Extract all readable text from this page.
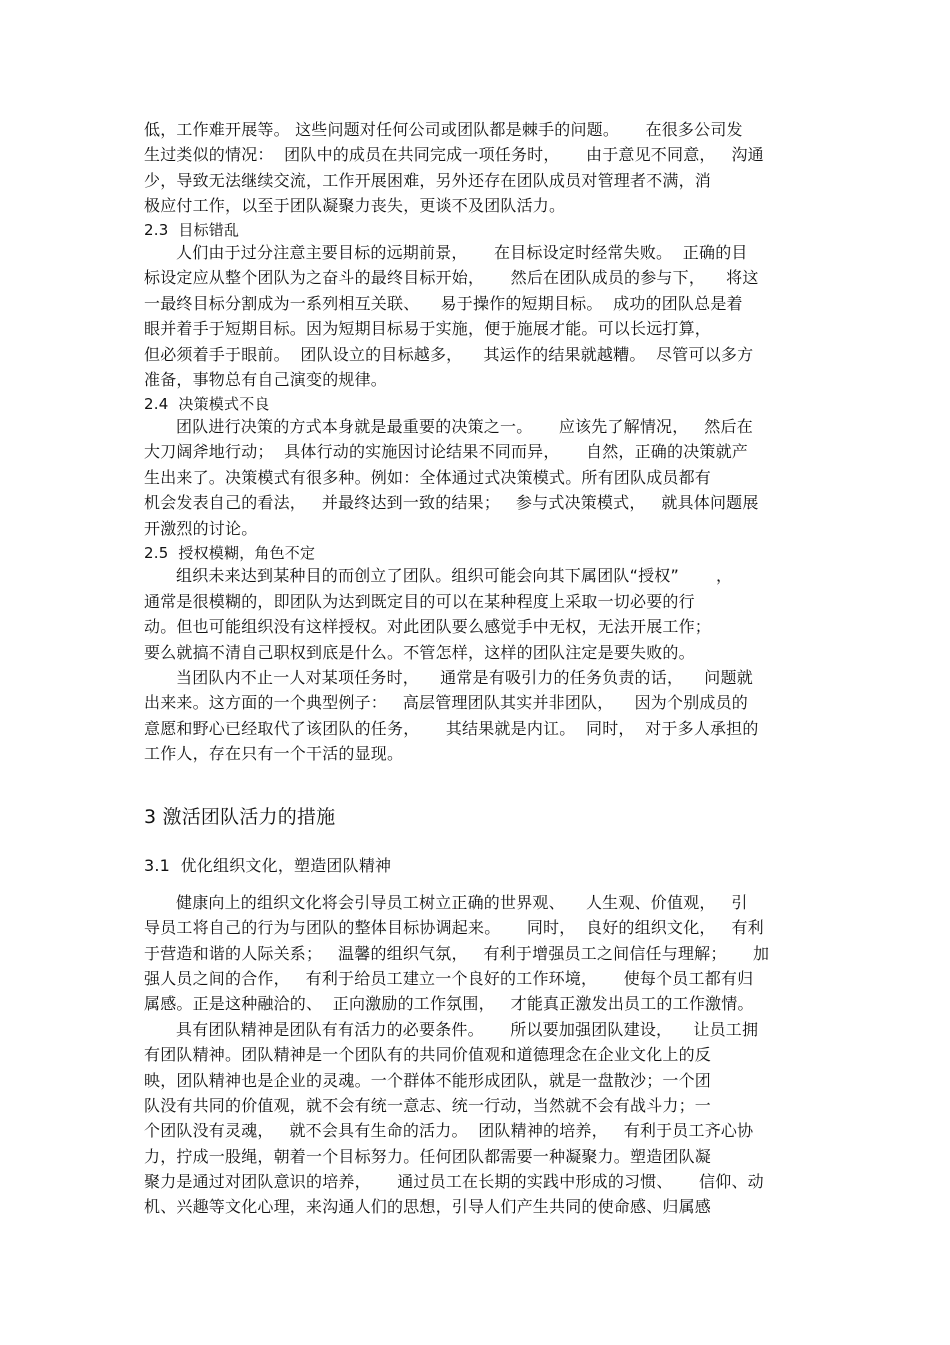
低，工作难开展等。 这些问题对任何公司或团队都是棘手的问题。     在很多公司发
生过类似的情况：  团队中的成员在共同完成一项任务时，     由于意见不同意，   沟通
少，导致无法继续交流，工作开展困难，另外还存在团队成员对管理者不满，消
极应付工作，以至于团队凝聚力丧失，更谈不及团队活力。
2.3  目标错乱
人们由于过分注意主要目标的远期前景，     在目标设定时经常失败。  正确的目
标设定应从整个团队为之奋斗的最终目标开始，     然后在团队成员的参与下，    将这
一最终目标分割成为一系列相互关联、    易于操作的短期目标。  成功的团队总是着
眼并着手于短期目标。因为短期目标易于实施，便于施展才能。可以长远打算，
但必须着手于眼前。  团队设立的目标越多，    其运作的结果就越糟。  尽管可以多方
准备，事物总有自己演变的规律。
2.4  决策模式不良
团队进行决策的方式本身就是最重要的决策之一。     应该先了解情况，   然后在
大刀阔斧地行动；  具体行动的实施因讨论结果不同而异，     自然，正确的决策就产
生出来了。决策模式有很多种。例如：全体通过式决策模式。所有团队成员都有
机会发表自己的看法，   并最终达到一致的结果；   参与式决策模式，   就具体问题展
开激烈的讨论。
2.5  授权模糊，角色不定
组织未来达到某种目的而创立了团队。组织可能会向其下属团队“授权”       ，
通常是很模糊的，即团队为达到既定目的可以在某种程度上采取一切必要的行
动。但也可能组织没有这样授权。对此团队要么感觉手中无权，无法开展工作；
要么就搞不清自己职权到底是什么。不管怎样，这样的团队注定是要失败的。
当团队内不止一人对某项任务时，    通常是有吸引力的任务负责的话，    问题就
出来来。这方面的一个典型例子：   高层管理团队其实并非团队，    因为个别成员的
意愿和野心已经取代了该团队的任务，     其结果就是内讧。  同时，  对于多人承担的
工作人，存在只有一个干活的显现。
3 激活团队活力的措施
3.1  优化组织文化，塑造团队精神
健康向上的组织文化将会引导员工树立正确的世界观、    人生观、价值观，   引
导员工将自己的行为与团队的整体目标协调起来。     同时，  良好的组织文化，   有利
于营造和谐的人际关系；   温馨的组织气氛，   有利于增强员工之间信任与理解；     加
强人员之间的合作，   有利于给员工建立一个良好的工作环境，     使每个员工都有归
属感。正是这种融洽的、  正向激励的工作氛围，   才能真正激发出员工的工作激情。
具有团队精神是团队有有活力的必要条件。     所以要加强团队建设，    让员工拥
有团队精神。团队精神是一个团队有的共同价值观和道德理念在企业文化上的反
映，团队精神也是企业的灵魂。一个群体不能形成团队，就是一盘散沙；一个团
队没有共同的价值观，就不会有统一意志、统一行动，当然就不会有战斗力；一
个团队没有灵魂，   就不会具有生命的活力。  团队精神的培养，   有利于员工齐心协
力，拧成一股绳，朝着一个目标努力。任何团队都需要一种凝聚力。塑造团队凝
聚力是通过对团队意识的培养，     通过员工在长期的实践中形成的习惯、     信仰、动
机、兴趣等文化心理，来沟通人们的思想，引导人们产生共同的使命感、归属感
